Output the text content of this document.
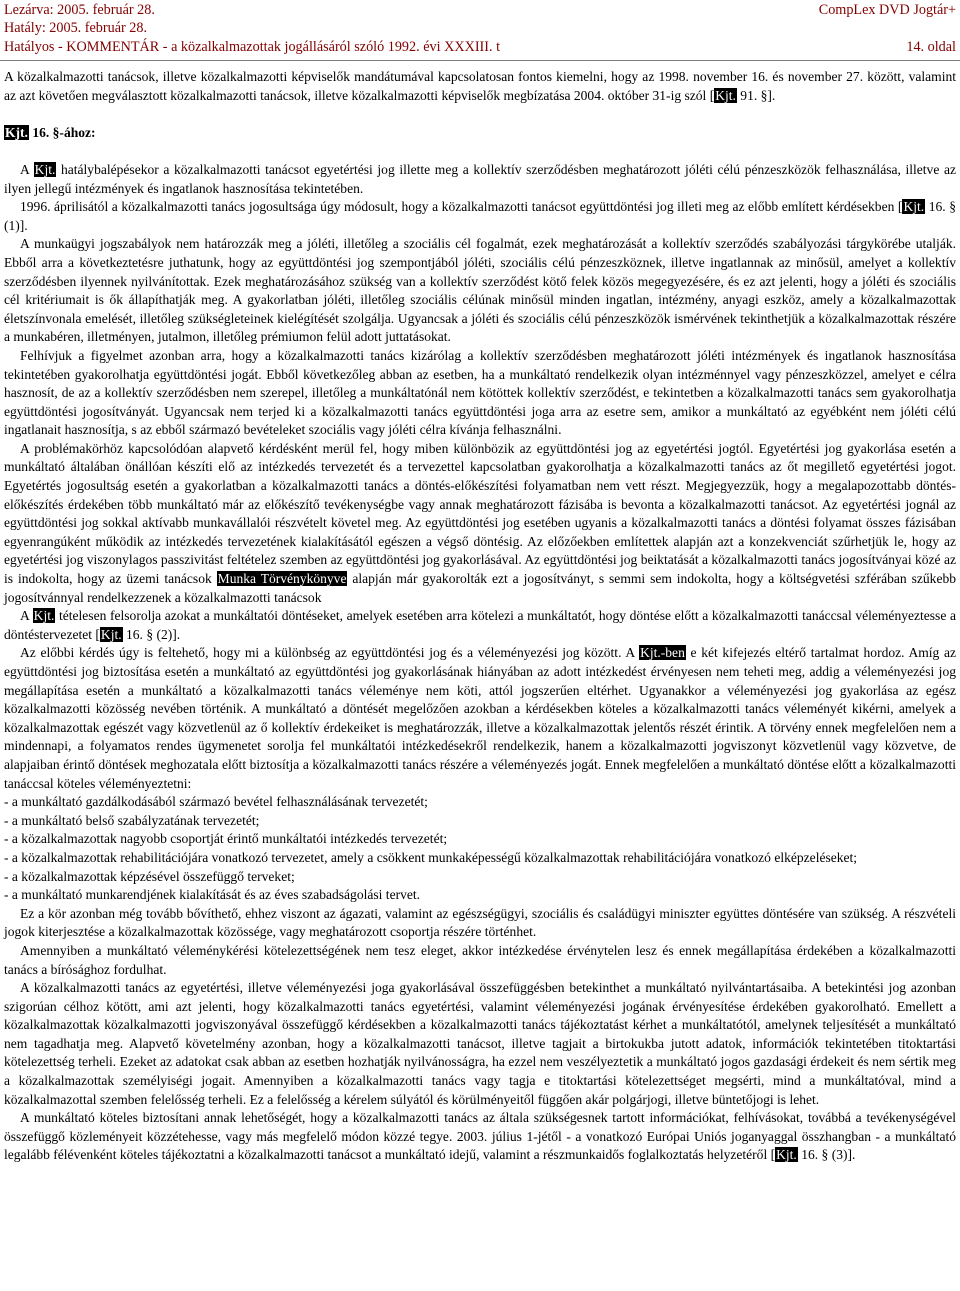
Lezárva: 2005. február 28.
Hatály: 2005. február 28.
Hatályos - KOMMENTÁR - a közalkalmazottak jogállásáról szóló 1992. évi XXXIII. t
CompLex DVD Jogtár+
14. oldal

A közalkalmazotti tanácsok, illetve közalkalmazotti képviselők mandátumával kapcsolatosan fontos kiemelni, hogy az 1998. november 16. és november 27. között, valamint az azt követően megválasztott közalkalmazotti tanácsok, illetve közalkalmazotti képviselők megbízatása 2004. október 31-ig szól [Kjt. 91. §].

Kjt. 16. §-ához:

A Kjt. hatálybalépésekor a közalkalmazotti tanácsot egyetértési jog illette meg a kollektív szerződésben meghatározott jóléti célú pénzeszközök felhasználása, illetve az ilyen jellegű intézmények és ingatlanok hasznosítása tekintetében.

1996. áprilisától a közalkalmazotti tanács jogosultsága úgy módosult, hogy a közalkalmazotti tanácsot együttdöntési jog illeti meg az előbb említett kérdésekben [Kjt. 16. § (1)].

A munkaügyi jogszabályok nem határozzák meg a jóléti, illetőleg a szociális cél fogalmát, ezek meghatározását a kollektív szerződés szabályozási tárgykörébe utalják. Ebből arra a következtetésre juthatunk, hogy az együttdöntési jog szempontjából jóléti, szociális célú pénzeszköznek, illetve ingatlannak az minősül, amelyet a kollektív szerződésben ilyennek nyilvánítottak. Ezek meghatározásához szükség van a kollektív szerződést kötő felek közös megegyezésére, és ez azt jelenti, hogy a jóléti és szociális cél kritériumait is ők állapíthatják meg. A gyakorlatban jóléti, illetőleg szociális célúnak minősül minden ingatlan, intézmény, anyagi eszköz, amely a közalkalmazottak életszínvonala emelését, illetőleg szükségleteinek kielégítését szolgálja. Ugyancsak a jóléti és szociális célú pénzeszközök ismérvének tekinthetjük a közalkalmazottak részére a munkabéren, illetményen, jutalmon, illetőleg prémiumon felül adott juttatásokat.

Felhívjuk a figyelmet azonban arra, hogy a közalkalmazotti tanács kizárólag a kollektív szerződésben meghatározott jóléti intézmények és ingatlanok hasznosítása tekintetében gyakorolhatja együttdöntési jogát. Ebből következőleg abban az esetben, ha a munkáltató rendelkezik olyan intézménnyel vagy pénzeszközzel, amelyet e célra hasznosít, de az a kollektív szerződésben nem szerepel, illetőleg a munkáltatónál nem kötöttek kollektív szerződést, e tekintetben a közalkalmazotti tanács sem gyakorolhatja együttdöntési jogosítványát. Ugyancsak nem terjed ki a közalkalmazotti tanács együttdöntési joga arra az esetre sem, amikor a munkáltató az egyébként nem jóléti célú ingatlanait hasznosítja, s az ebből származó bevételeket szociális vagy jóléti célra kívánja felhasználni.

A problémakörhöz kapcsolódóan alapvető kérdésként merül fel, hogy miben különbözik az együttdöntési jog az egyetértési jogtól. Egyetértési jog gyakorlása esetén a munkáltató általában önállóan készíti elő az intézkedés tervezetét és a tervezettel kapcsolatban gyakorolhatja a közalkalmazotti tanács az őt megillető egyetértési jogot. Egyetértés jogosultság esetén a gyakorlatban a közalkalmazotti tanács a döntés-előkészítési folyamatban nem vett részt. Megjegyezzük, hogy a megalapozottabb döntés-előkészítés érdekében több munkáltató már az előkészítő tevékenységbe vagy annak meghatározott fázisába is bevonta a közalkalmazotti tanácsot. Az egyetértési jognál az együttdöntési jog sokkal aktívabb munkavállalói részvételt követel meg. Az együttdöntési jog esetében ugyanis a közalkalmazotti tanács a döntési folyamat összes fázisában egyenrangúként működik az intézkedés tervezetének kialakításától egészen a végső döntésig. Az előzőekben említettek alapján azt a konzekvenciát szűrhetjük le, hogy az egyetértési jog viszonylagos passzivitást feltételez szemben az együttdöntési jog gyakorlásával. Az együttdöntési jog beiktatását a közalkalmazotti tanács jogosítványai közé az is indokolta, hogy az üzemi tanácsok Munka Törvénykönyve alapján már gyakorolták ezt a jogosítványt, s semmi sem indokolta, hogy a költségvetési szférában szűkebb jogosítvánnyal rendelkezzenek a közalkalmazotti tanácsok

A Kjt. tételesen felsorolja azokat a munkáltatói döntéseket, amelyek esetében arra kötelezi a munkáltatót, hogy döntése előtt a közalkalmazotti tanáccsal véleményeztesse a döntéstervezetet [Kjt. 16. § (2)].

Az előbbi kérdés úgy is feltehető, hogy mi a különbség az együttdöntési jog és a véleményezési jog között. A Kjt.-ben e két kifejezés eltérő tartalmat hordoz. Amíg az együttdöntési jog biztosítása esetén a munkáltató az együttdöntési jog gyakorlásának hiányában az adott intézkedést érvényesen nem teheti meg, addig a véleményezési jog megállapítása esetén a munkáltató a közalkalmazotti tanács véleménye nem köti, attól jogszerűen eltérhet. Ugyanakkor a véleményezési jog gyakorlása az egész közalkalmazotti közösség nevében történik. A munkáltató a döntését megelőzően azokban a kérdésekben köteles a közalkalmazotti tanács véleményét kikérni, amelyek a közalkalmazottak egészét vagy közvetlenül az ő kollektív érdekeiket is meghatározzák, illetve a közalkalmazottak jelentős részét érintik. A törvény ennek megfelelően nem a mindennapi, a folyamatos rendes ügymenetet sorolja fel munkáltatói intézkedésekről rendelkezik, hanem a közalkalmazotti jogviszonyt közvetlenül vagy közvetve, de alapjaiban érintő döntések meghozatala előtt biztosítja a közalkalmazotti tanács részére a véleményezés jogát. Ennek megfelelően a munkáltató döntése előtt a közalkalmazotti tanáccsal köteles véleményeztetni:

- a munkáltató gazdálkodásából származó bevétel felhasználásának tervezetét;

- a munkáltató belső szabályzatának tervezetét;

- a közalkalmazottak nagyobb csoportját érintő munkáltatói intézkedés tervezetét;

- a közalkalmazottak rehabilitációjára vonatkozó tervezetet, amely a csökkent munkaképességű közalkalmazottak rehabilitációjára vonatkozó elképzeléseket;

- a közalkalmazottak képzésével összefüggő terveket;

- a munkáltató munkarendjének kialakítását és az éves szabadságolási tervet.

Ez a kör azonban még tovább bővíthető, ehhez viszont az ágazati, valamint az egészségügyi, szociális és családügyi miniszter együttes döntésére van szükség. A részvételi jogok kiterjesztése a közalkalmazottak közössége, vagy meghatározott csoportja részére történhet.

Amennyiben a munkáltató véleménykérési kötelezettségének nem tesz eleget, akkor intézkedése érvénytelen lesz és ennek megállapítása érdekében a közalkalmazotti tanács a bírósághoz fordulhat.

A közalkalmazotti tanács az egyetértési, illetve véleményezési joga gyakorlásával összefüggésben betekinthet a munkáltató nyilvántartásaiba. A betekintési jog azonban szigorúan célhoz kötött, ami azt jelenti, hogy közalkalmazotti tanács egyetértési, valamint véleményezési jogának érvényesítése érdekében gyakorolható. Emellett a közalkalmazottak közalkalmazotti jogviszonyával összefüggő kérdésekben a közalkalmazotti tanács tájékoztatást kérhet a munkáltatótól, amelynek teljesítését a munkáltató nem tagadhatja meg. Alapvető követelmény azonban, hogy a közalkalmazotti tanácsot, illetve tagjait a birtokukba jutott adatok, információk tekintetében titoktartási kötelezettség terheli. Ezeket az adatokat csak abban az esetben hozhatják nyilvánosságra, ha ezzel nem veszélyeztetik a munkáltató jogos gazdasági érdekeit és nem sértik meg a közalkalmazottak személyiségi jogait. Amennyiben a közalkalmazotti tanács vagy tagja e titoktartási kötelezettséget megsérti, mind a munkáltatóval, mind a közalkalmazottal szemben felelősség terheli. Ez a felelősség a kérelem súlyától és körülményeitől függően akár polgárjogi, illetve büntetőjogi is lehet.

A munkáltató köteles biztosítani annak lehetőségét, hogy a közalkalmazotti tanács az általa szükségesnek tartott információkat, felhívásokat, továbbá a tevékenységével összefüggő közleményeit közzétehesse, vagy más megfelelő módon közzé tegye. 2003. július 1-jétől - a vonatkozó Európai Uniós joganyaggal összhangban - a munkáltató legalább félévenként köteles tájékoztatni a közalkalmazotti tanácsot a munkáltató idejű, valamint a részmunkaidős foglalkoztatás helyzetéről [Kjt. 16. § (3)].
